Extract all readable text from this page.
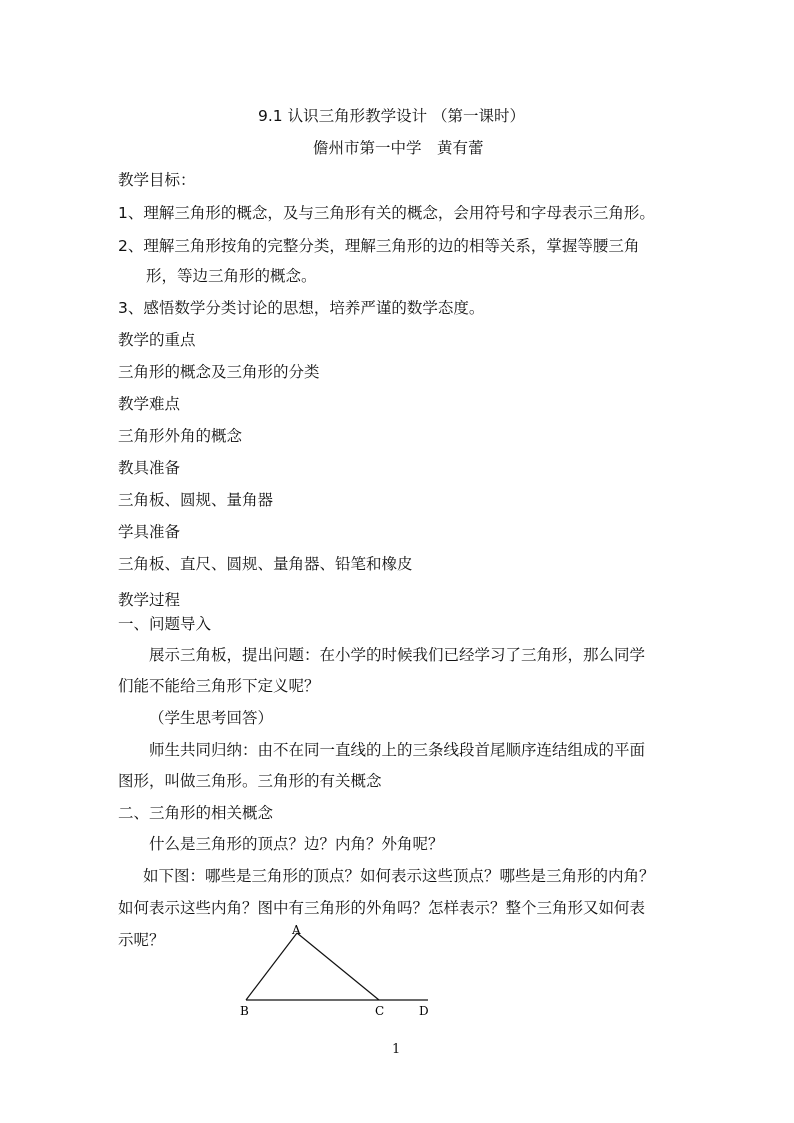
9.1 认识三角形教学设计 （第一课时）
儋州市第一中学　黄有蕾
教学目标：
1、理解三角形的概念，及与三角形有关的概念，会用符号和字母表示三角形。
2、理解三角形按角的完整分类，理解三角形的边的相等关系，掌握等腰三角
形，等边三角形的概念。
3、感悟数学分类讨论的思想，培养严谨的数学态度。
教学的重点
三角形的概念及三角形的分类
教学难点
三角形外角的概念
教具准备
三角板、圆规、量角器
学具准备
三角板、直尺、圆规、量角器、铅笔和橡皮
教学过程
一、问题导入
展示三角板，提出问题：在小学的时候我们已经学习了三角形，那么同学
们能不能给三角形下定义呢？
（学生思考回答）
师生共同归纳：由不在同一直线的上的三条线段首尾顺序连结组成的平面
图形，叫做三角形。三角形的有关概念
二、三角形的相关概念
什么是三角形的顶点？边？内角？外角呢？
如下图：哪些是三角形的顶点？如何表示这些顶点？哪些是三角形的内角？
如何表示这些内角？图中有三角形的外角吗？怎样表示？整个三角形又如何表
示呢？
A
B	C	D
1
